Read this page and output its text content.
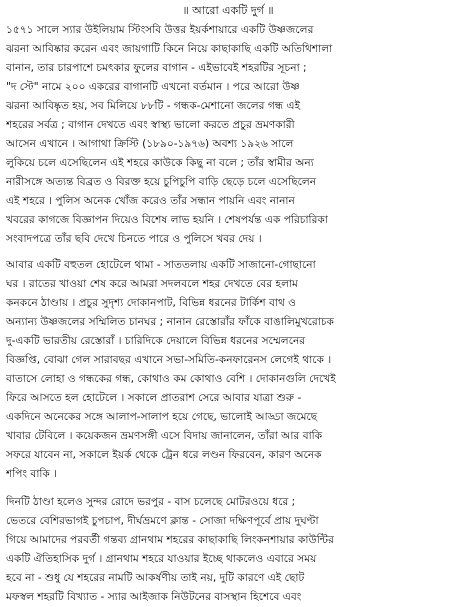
॥ আরো একটি দুর্গ ॥
১৫৭১ সালে স্যার উইলিয়াম স্টিংসবি উত্তর ইয়র্কশায়ারে একটি উষ্ণজলের
ঝরনা আবিষ্কার করেন এবং জায়গাটি কিনে নিয়ে কাছাকাছি একটি অতিথিশালা
বানান, তার চারপাশে চমৎকার ফুলের বাগান - এইভাবেই শহরটির সূচনা ;
"দ স্টে" নামে ২০০ একরের বাগানটি এখনো বর্তমান । পরে আরো উষ্ণ
ঝরনা আবিষ্কৃত হয়, সব মিলিয়ে ৮৮টি - গন্ধক-মেশানো জলের গন্ধ এই
শহরের সর্বত্র ; বাগান দেখতে এবং স্বাস্থ্য ভালো করতে প্রচুর ভ্রমণকারী
আসেন এখানে । আগাথা ক্রিস্টি (১৮৯০-১৯৭৬) অবশ্য ১৯২৬ সালে
লুকিয়ে চলে এসেছিলেন এই শহরে কাউকে কিছু না বলে ; তাঁর স্বামীর অন্য
নারীসঙ্গে অত্যন্ত বিব্রত ও বিরক্ত হয়ে চুপিচুপি বাড়ি ছেড়ে চলে এসেছিলেন
এই শহরে । পুলিস অনেক খোঁজ করেও তাঁর সন্ধান পায়নি এবং নানান
খবরের কাগজে বিজ্ঞাপন দিয়েও বিশেষ লাভ হয়নি । শেষপর্যন্ত এক পরিচারিকা
সংবাদপত্রে তাঁর ছবি দেখে চিনতে পারে ও পুলিসে খবর দেয় ।
আবার একটি বহুতল হোটেলে থামা - সাততলায় একটি সাজানো-গোছানো
ঘর । রাতের খাওয়া শেষ করে আমরা সদলবলে শহর দেখতে বের হলাম
কনকনে ঠাণ্ডায় । প্রচুর সুদৃশ্য দোকানপাট, বিভিন্ন ধরনের টার্কিশ বাথ ও
অন্যান্য উষ্ণজলের সম্মিলিত চানঘর ; নানান রেস্তোরাঁর ফাঁকে বাঙালিমুখরোচক
দু-একটি ভারতীয় রেস্তোরাঁ । চারিদিকে দেয়ালে বিভিন্ন ধরনের সম্মেলনের
বিজ্ঞপ্তি, বোঝা গেল সারাবছর এখানে সভা-সমিতি-কনফারেনস লেগেই থাকে ।
বাতাসে লোহা ও গন্ধকের গন্ধ, কোথাও কম কোথাও বেশি । দোকানগুলি দেখেই
ফিরে আসতে হল হোটেলে । সকালে প্রাতরাশ সেরে আবার যাত্রা শুরু -
একদিনে অনেকের সঙ্গে আলাপ-সালাপ হয়ে গেছে, ভালোই আড্ডা জমেছে
খাবার টেবিলে । কয়েকজন ভ্রমণসঙ্গী এসে বিদায় জানালেন, তাঁরা আর বাকি
সফরে যাবেন না, সকালে ইয়র্ক থেকে ট্রেন ধরে লণ্ডন ফিরবেন, কারণ অনেক
শপিং বাকি ।
দিনটি ঠাণ্ডা হলেও সুন্দর রোদে ভরপুর - বাস চলেছে মোটরওয়ে ধরে ;
ভেতরে বেশিরভাগই চুপচাপ, দীর্ঘভ্রমণে ক্লান্ত - সোজা দক্ষিণপূর্বে প্রায় দুঘণ্টা
গিয়ে আমাদের পরবর্তী গন্তব্য গ্রানথাম শহরের কাছাকাছি লিংকনশায়ার কাউন্টির
একটি ঐতিহাসিক দুর্গ । গ্রানথাম শহরে যাওয়ার ইচ্ছে থাকলেও এবারে সময়
হবে না - শুধু যে শহরের নামটি আকর্ষণীয় তাই নয়, দুটি কারণে এই ছোট
মফস্বল শহরটি বিখ্যাত - স্যার আইজাক নিউটনের বাসস্থান হিশেবে এবং
